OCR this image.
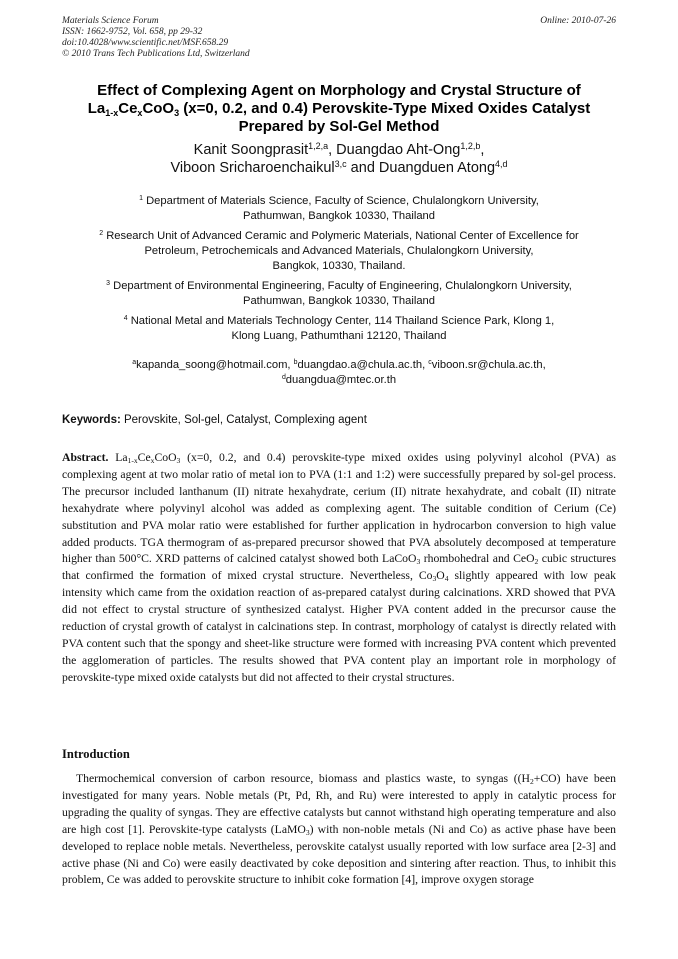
Materials Science Forum
ISSN: 1662-9752, Vol. 658, pp 29-32
doi:10.4028/www.scientific.net/MSF.658.29
© 2010 Trans Tech Publications Ltd, Switzerland
Online: 2010-07-26
Effect of Complexing Agent on Morphology and Crystal Structure of
$La_{1-x}Ce_xCoO_3$ (x=0, 0.2, and 0.4) Perovskite-Type Mixed Oxides Catalyst
Prepared by Sol-Gel Method
Kanit Soongprasit$^{1,2,a}$, Duangdao Aht-Ong$^{1,2,b}$,
Viboon Sricharoenchaikul$^{3,c}$ and Duangduen Atong$^{4,d}$
$^1$ Department of Materials Science, Faculty of Science, Chulalongkorn University,
Pathumwan, Bangkok 10330, Thailand
$^2$ Research Unit of Advanced Ceramic and Polymeric Materials, National Center of Excellence for
Petroleum, Petrochemicals and Advanced Materials, Chulalongkorn University,
Bangkok, 10330, Thailand.
$^3$ Department of Environmental Engineering, Faculty of Engineering, Chulalongkorn University,
Pathumwan, Bangkok 10330, Thailand
$^4$ National Metal and Materials Technology Center, 114 Thailand Science Park, Klong 1,
Klong Luang, Pathumthani 12120, Thailand
$^a$kapanda_soong@hotmail.com, $^b$duangdao.a@chula.ac.th, $^c$viboon.sr@chula.ac.th,
$^d$duangdua@mtec.or.th
Keywords: Perovskite, Sol-gel, Catalyst, Complexing agent
Abstract. $La_{1-x}Ce_xCoO_3$ (x=0, 0.2, and 0.4) perovskite-type mixed oxides using polyvinyl alcohol (PVA) as complexing agent at two molar ratio of metal ion to PVA (1:1 and 1:2) were successfully prepared by sol-gel process. The precursor included lanthanum (II) nitrate hexahydrate, cerium (II) nitrate hexahydrate, and cobalt (II) nitrate hexahydrate where polyvinyl alcohol was added as complexing agent. The suitable condition of Cerium (Ce) substitution and PVA molar ratio were established for further application in hydrocarbon conversion to high value added products. TGA thermogram of as-prepared precursor showed that PVA absolutely decomposed at temperature higher than 500°C. XRD patterns of calcined catalyst showed both LaCoO$_3$ rhombohedral and CeO$_2$ cubic structures that confirmed the formation of mixed crystal structure. Nevertheless, $Co_3O_4$ slightly appeared with low peak intensity which came from the oxidation reaction of as-prepared catalyst during calcinations. XRD showed that PVA did not effect to crystal structure of synthesized catalyst. Higher PVA content added in the precursor cause the reduction of crystal growth of catalyst in calcinations step. In contrast, morphology of catalyst is directly related with PVA content such that the spongy and sheet-like structure were formed with increasing PVA content which prevented the agglomeration of particles. The results showed that PVA content play an important role in morphology of perovskite-type mixed oxide catalysts but did not affected to their crystal structures.
Introduction
Thermochemical conversion of carbon resource, biomass and plastics waste, to syngas ($(H_2+CO)$ have been investigated for many years. Noble metals (Pt, Pd, Rh, and Ru) were interested to apply in catalytic process for upgrading the quality of syngas. They are effective catalysts but cannot withstand high operating temperature and also are high cost [1]. Perovskite-type catalysts (LaMO$_3$) with non-noble metals (Ni and Co) as active phase have been developed to replace noble metals. Nevertheless, perovskite catalyst usually reported with low surface area [2-3] and active phase (Ni and Co) were easily deactivated by coke deposition and sintering after reaction. Thus, to inhibit this problem, Ce was added to perovskite structure to inhibit coke formation [4], improve oxygen storage
